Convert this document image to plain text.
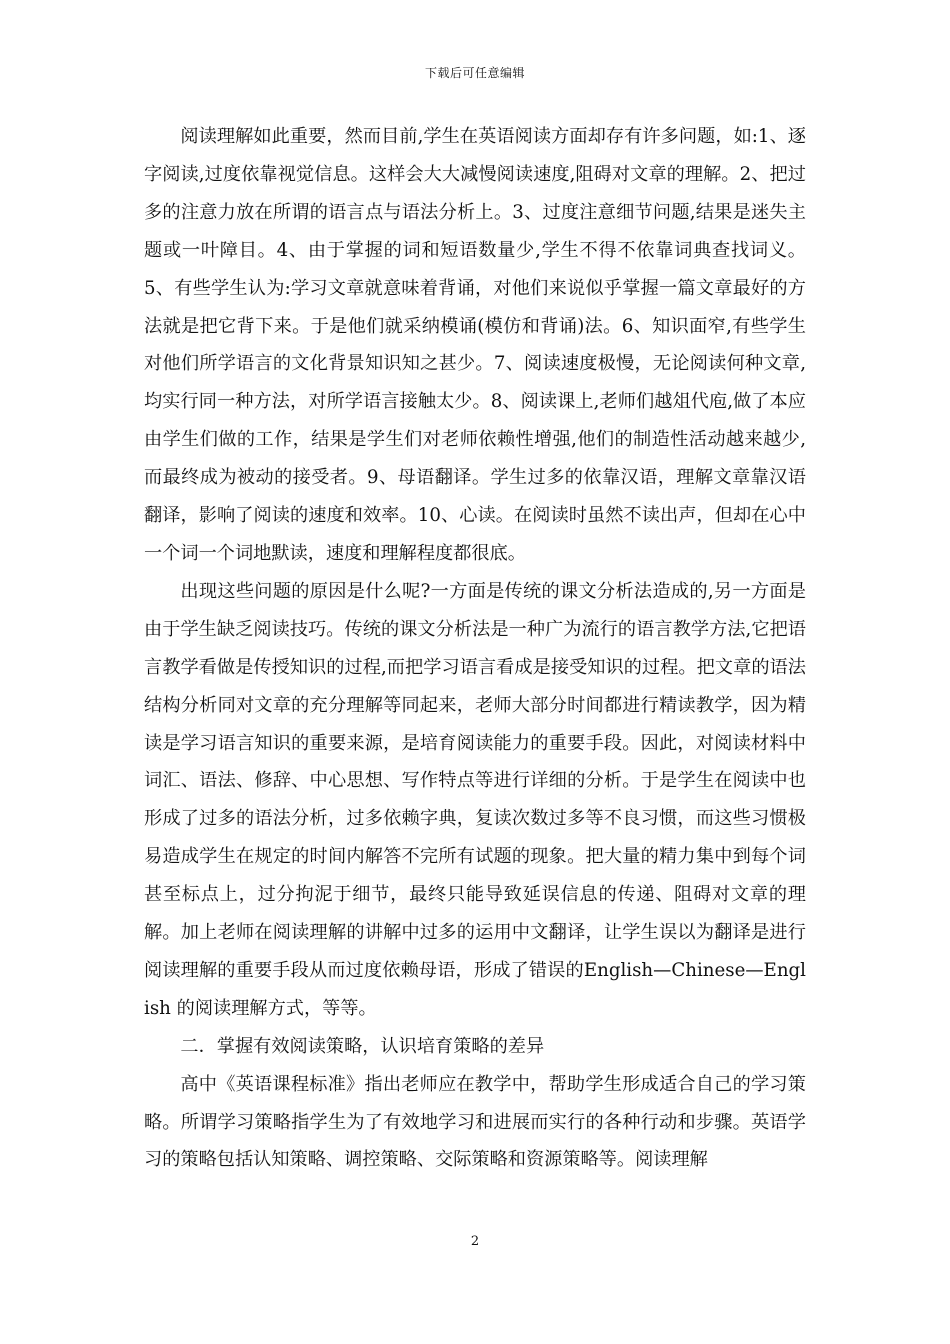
下载后可任意编辑

阅读理解如此重要，然而目前,学生在英语阅读方面却存有许多问题，如:1、逐字阅读,过度依靠视觉信息。这样会大大减慢阅读速度,阻碍对文章的理解。2、把过多的注意力放在所谓的语言点与语法分析上。3、过度注意细节问题,结果是迷失主题或一叶障目。4、由于掌握的词和短语数量少,学生不得不依靠词典查找词义。5、有些学生认为:学习文章就意味着背诵，对他们来说似乎掌握一篇文章最好的方法就是把它背下来。于是他们就采纳模诵(模仿和背诵)法。6、知识面窄,有些学生对他们所学语言的文化背景知识知之甚少。7、阅读速度极慢，无论阅读何种文章,均实行同一种方法，对所学语言接触太少。8、阅读课上,老师们越俎代庖,做了本应由学生们做的工作，结果是学生们对老师依赖性增强,他们的制造性活动越来越少,而最终成为被动的接受者。9、母语翻译。学生过多的依靠汉语，理解文章靠汉语翻译，影响了阅读的速度和效率。10、心读。在阅读时虽然不读出声，但却在心中一个词一个词地默读，速度和理解程度都很底。

出现这些问题的原因是什么呢?一方面是传统的课文分析法造成的,另一方面是由于学生缺乏阅读技巧。传统的课文分析法是一种广为流行的语言教学方法,它把语言教学看做是传授知识的过程,而把学习语言看成是接受知识的过程。把文章的语法结构分析同对文章的充分理解等同起来，老师大部分时间都进行精读教学，因为精读是学习语言知识的重要来源，是培育阅读能力的重要手段。因此，对阅读材料中词汇、语法、修辞、中心思想、写作特点等进行详细的分析。于是学生在阅读中也形成了过多的语法分析，过多依赖字典，复读次数过多等不良习惯，而这些习惯极易造成学生在规定的时间内解答不完所有试题的现象。把大量的精力集中到每个词甚至标点上，过分拘泥于细节，最终只能导致延误信息的传递、阻碍对文章的理解。加上老师在阅读理解的讲解中过多的运用中文翻译，让学生误以为翻译是进行阅读理解的重要手段从而过度依赖母语，形成了错误的English—Chinese—English 的阅读理解方式，等等。

二．掌握有效阅读策略，认识培育策略的差异

高中《英语课程标准》指出老师应在教学中，帮助学生形成适合自己的学习策略。所谓学习策略指学生为了有效地学习和进展而实行的各种行动和步骤。英语学习的策略包括认知策略、调控策略、交际策略和资源策略等。阅读理解

2
